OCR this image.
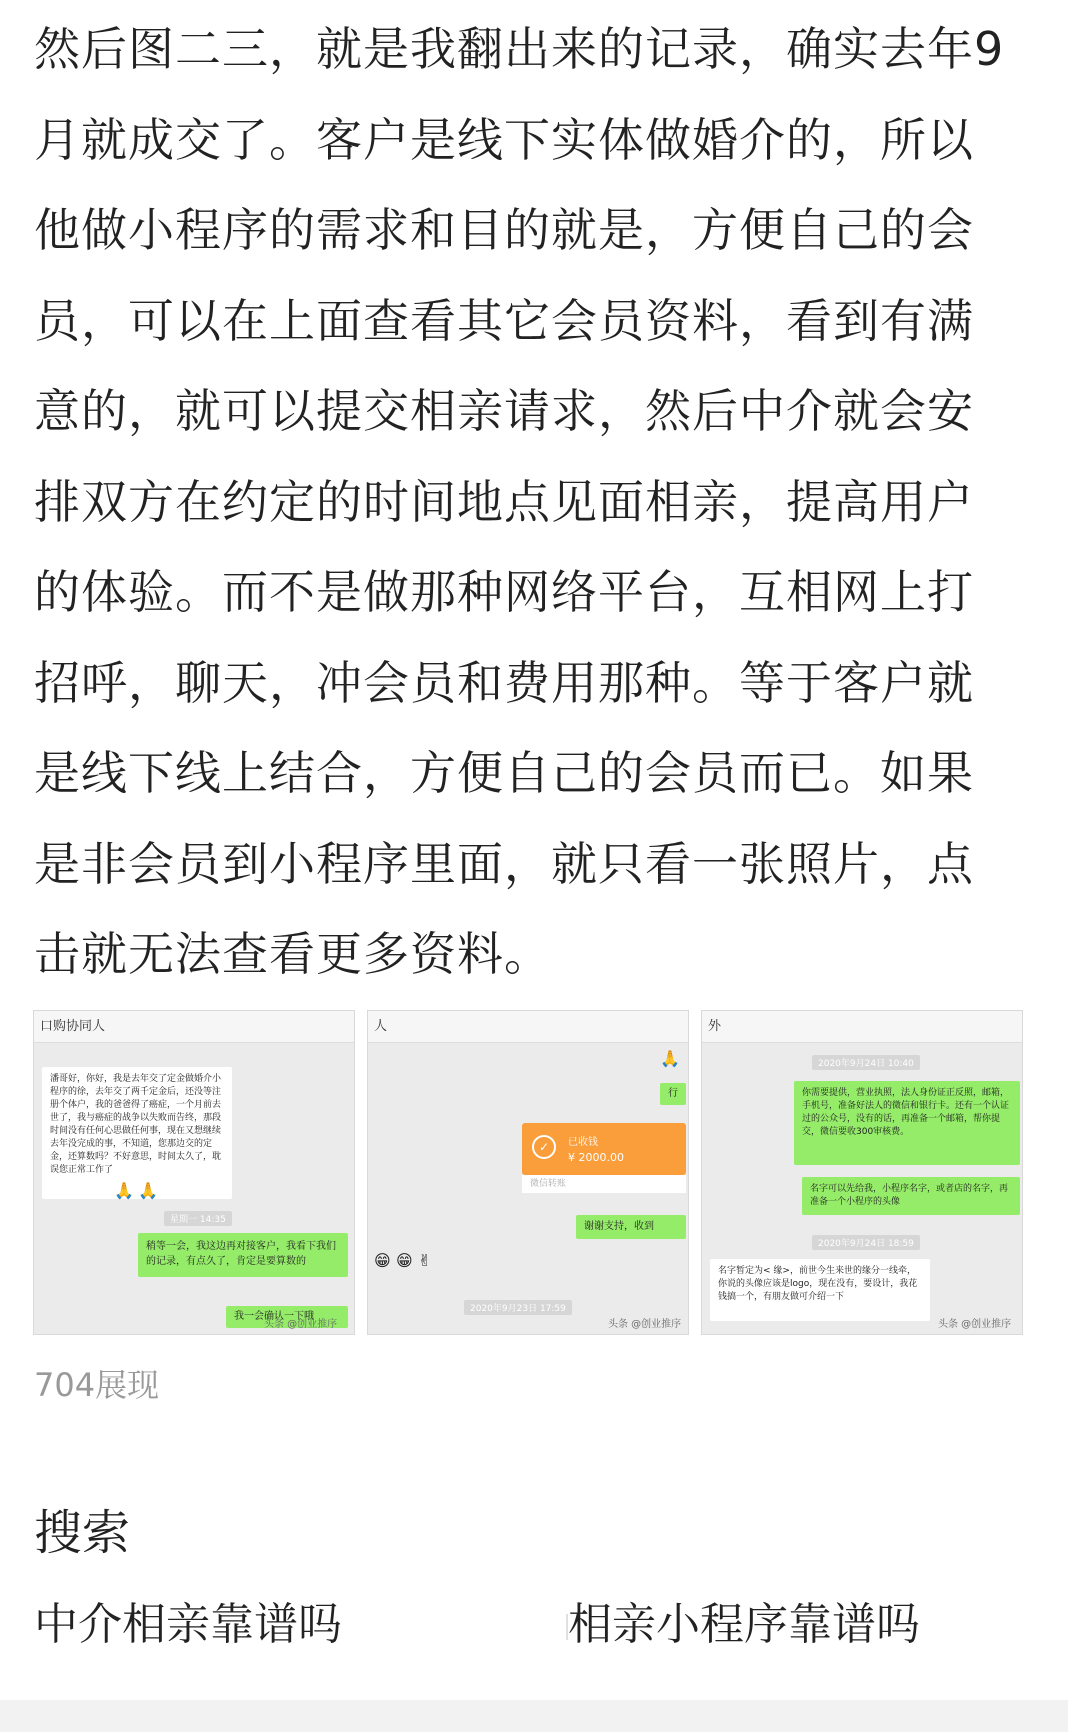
然后图二三，就是我翻出来的记录，确实去年9
月就成交了。客户是线下实体做婚介的，所以
他做小程序的需求和目的就是，方便自己的会
员，可以在上面查看其它会员资料，看到有满
意的，就可以提交相亲请求，然后中介就会安
排双方在约定的时间地点见面相亲，提高用户
的体验。而不是做那种网络平台，互相网上打
招呼，聊天，冲会员和费用那种。等于客户就
是线下线上结合，方便自己的会员而已。如果
是非会员到小程序里面，就只看一张照片，点
击就无法查看更多资料。
口购协同人
潘哥好，你好，我是去年交了定金做婚介小程序的徐，去年交了两千定金后，还没等注册个体户，我的爸爸得了癌症，一个月前去世了，我与癌症的战争以失败而告终，那段时间没有任何心思做任何事，现在又想继续去年没完成的事，不知道，您那边交的定金，还算数吗？不好意思，时间太久了，耽误您正常工作了
🙏 🙏
星期一 14:35
稍等一会，我这边再对接客户，我看下我们的记录，有点久了，肯定是要算数的
我一会确认一下哦
头条 @创业推序
人
🙏
行
✓	已收钱
¥ 2000.00
微信转账
谢谢支持，收到
😁 😁 ✌
2020年9月23日 17:59
头条 @创业推序
外
2020年9月24日 10:40
你需要提供，营业执照，法人身份证正反照，邮箱，手机号，准备好法人的微信和银行卡。还有一个认证过的公众号，没有的话，再准备一个邮箱，帮你提交，微信要收300审核费。
名字可以先给我，小程序名字，或者店的名字，再准备一个小程序的头像
2020年9月24日 18:59
名字暂定为< 缘>，前世今生来世的缘分一线牵，你说的头像应该是logo，现在没有，要设计，我花钱搞一个，有朋友做可介绍一下
头条 @创业推序
704展现
搜索
中介相亲靠谱吗	相亲小程序靠谱吗
